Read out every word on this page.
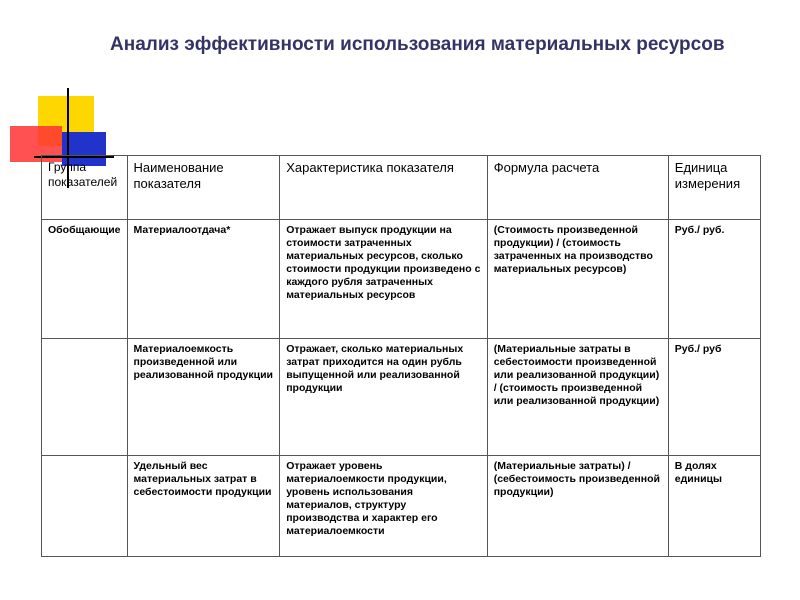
Анализ эффективности использования материальных ресурсов
Группа показателей	Наименование показателя	Характеристика показателя	Формула расчета	Единица измерения
Обобщающие	Материалоотдача*	Отражает выпуск продукции на стоимости затраченных материальных ресурсов, сколько стоимости продукции произведено с каждого рубля затраченных материальных ресурсов	(Стоимость произведенной продукции) / (стоимость затраченных на производство материальных ресурсов)	Руб./ руб.
	Материалоемкость произведенной или реализованной продукции	Отражает, сколько материальных затрат приходится на один рубль выпущенной или реализованной продукции	(Материальные затраты в себестоимости произведенной или реализованной продукции) / (стоимость произведенной или реализованной продукции)	Руб./ руб
	Удельный вес материальных затрат в себестоимости продукции	Отражает уровень материалоемкости продукции, уровень использования материалов, структуру производства и характер его материалоемкости	(Материальные затраты) / (себестоимость произведенной продукции)	В долях единицы
